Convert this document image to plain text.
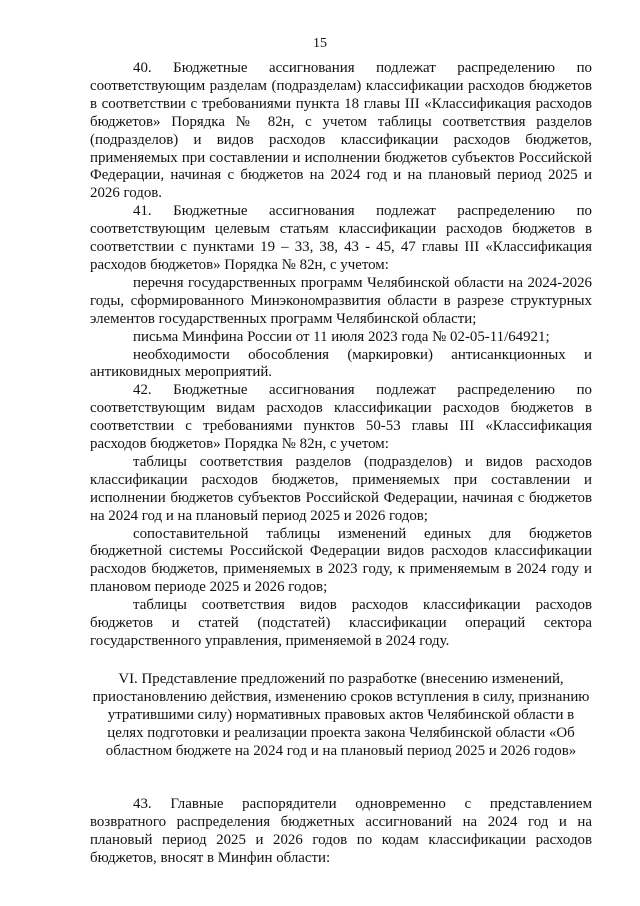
15

40. Бюджетные ассигнования подлежат распределению по соответствующим разделам (подразделам) классификации расходов бюджетов в соответствии с требованиями пункта 18 главы III «Классификация расходов бюджетов» Порядка № 82н, с учетом таблицы соответствия разделов (подразделов) и видов расходов классификации расходов бюджетов, применяемых при составлении и исполнении бюджетов субъектов Российской Федерации, начиная с бюджетов на 2024 год и на плановый период 2025 и 2026 годов.

41. Бюджетные ассигнования подлежат распределению по соответствующим целевым статьям классификации расходов бюджетов в соответствии с пунктами 19 – 33, 38, 43 - 45, 47 главы III «Классификация расходов бюджетов» Порядка № 82н, с учетом:

перечня государственных программ Челябинской области на 2024-2026 годы, сформированного Минэкономразвития области в разрезе структурных элементов государственных программ Челябинской области;

письма Минфина России от 11 июля 2023 года № 02-05-11/64921;

необходимости обособления (маркировки) антисанкционных и антиковидных мероприятий.

42. Бюджетные ассигнования подлежат распределению по соответствующим видам расходов классификации расходов бюджетов в соответствии с требованиями пунктов 50-53 главы III «Классификация расходов бюджетов» Порядка № 82н, с учетом:

таблицы соответствия разделов (подразделов) и видов расходов классификации расходов бюджетов, применяемых при составлении и исполнении бюджетов субъектов Российской Федерации, начиная с бюджетов на 2024 год и на плановый период 2025 и 2026 годов;

сопоставительной таблицы изменений единых для бюджетов бюджетной системы Российской Федерации видов расходов классификации расходов бюджетов, применяемых в 2023 году, к применяемым в 2024 году и плановом периоде 2025 и 2026 годов;

таблицы соответствия видов расходов классификации расходов бюджетов и статей (подстатей) классификации операций сектора государственного управления, применяемой в 2024 году.

VI. Представление предложений по разработке (внесению изменений, приостановлению действия, изменению сроков вступления в силу, признанию утратившими силу) нормативных правовых актов Челябинской области в целях подготовки и реализации проекта закона Челябинской области «Об областном бюджете на 2024 год и на плановый период 2025 и 2026 годов»

43. Главные распорядители одновременно с представлением возвратного распределения бюджетных ассигнований на 2024 год и на плановый период 2025 и 2026 годов по кодам классификации расходов бюджетов, вносят в Минфин области:
